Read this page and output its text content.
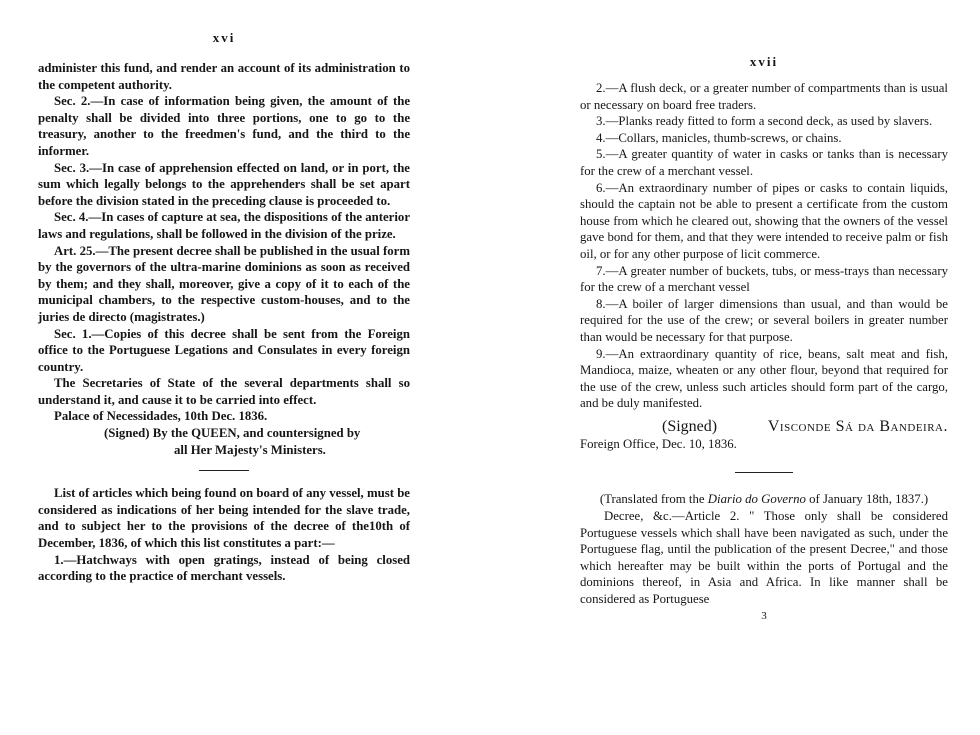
xvi

administer this fund, and render an account of its administration to the competent authority.

Sec. 2.—In case of information being given, the amount of the penalty shall be divided into three portions, one to go to the treasury, another to the freedmen's fund, and the third to the informer.

Sec. 3.—In case of apprehension effected on land, or in port, the sum which legally belongs to the apprehenders shall be set apart before the division stated in the preceding clause is proceeded to.

Sec. 4.—In cases of capture at sea, the dispositions of the anterior laws and regulations, shall be followed in the division of the prize.

Art. 25.—The present decree shall be published in the usual form by the governors of the ultra-marine dominions as soon as received by them; and they shall, moreover, give a copy of it to each of the municipal chambers, to the respective custom-houses, and to the juries de directo (magistrates.)

Sec. 1.—Copies of this decree shall be sent from the Foreign office to the Portuguese Legations and Consulates in every foreign country.

The Secretaries of State of the several departments shall so understand it, and cause it to be carried into effect.

Palace of Necessidades, 10th Dec. 1836.

(Signed) By the QUEEN, and countersigned by
all Her Majesty's Ministers.

List of articles which being found on board of any vessel, must be considered as indications of her being intended for the slave trade, and to subject her to the provisions of the decree of the10th of December, 1836, of which this list constitutes a part:—

1.—Hatchways with open gratings, instead of being closed according to the practice of merchant vessels.

xvii

2.—A flush deck, or a greater number of compartments than is usual or necessary on board free traders.

3.—Planks ready fitted to form a second deck, as used by slavers.

4.—Collars, manicles, thumb-screws, or chains.

5.—A greater quantity of water in casks or tanks than is necessary for the crew of a merchant vessel.

6.—An extraordinary number of pipes or casks to contain liquids, should the captain not be able to present a certificate from the custom house from which he cleared out, showing that the owners of the vessel gave bond for them, and that they were intended to receive palm or fish oil, or for any other purpose of licit commerce.

7.—A greater number of buckets, tubs, or mess-trays than necessary for the crew of a merchant vessel

8.—A boiler of larger dimensions than usual, and than would be required for the use of the crew; or several boilers in greater number than would be necessary for that purpose.

9.—An extraordinary quantity of rice, beans, salt meat and fish, Mandioca, maize, wheaten or any other flour, beyond that required for the use of the crew, unless such articles should form part of the cargo, and be duly manifested.

(Signed)	Visconde Sá da Bandeira.

Foreign Office, Dec. 10, 1836.

(Translated from the Diario do Governo of January 18th, 1837.)

Decree, &c.—Article 2. " Those only shall be considered Portuguese vessels which shall have been navigated as such, under the Portuguese flag, until the publication of the present Decree," and those which hereafter may be built within the ports of Portugal and the dominions thereof, in Asia and Africa. In like manner shall be considered as Portuguese

3
